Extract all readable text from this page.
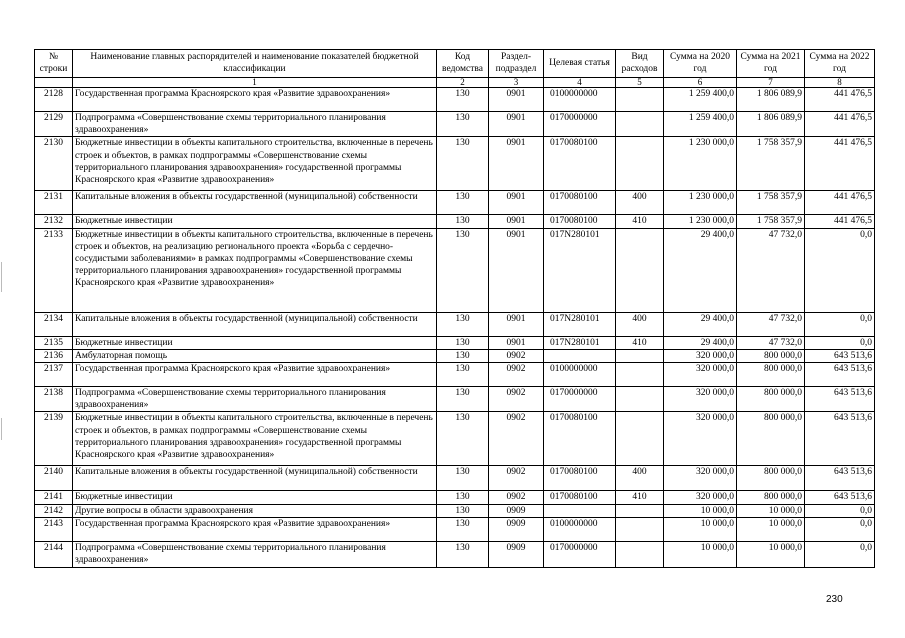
№ строки	Наименование главных распорядителей и наименование показателей бюджетной классификации	Код ведомства	Раздел-подраздел	Целевая статья	Вид расходов	Сумма на 2020 год	Сумма на 2021 год	Сумма на 2022 год
	1	2	3	4	5	6	7	8
2128	Государственная программа Красноярского края «Развитие здравоохранения»	130	0901	0100000000		1 259 400,0	1 806 089,9	441 476,5
2129	Подпрограмма «Совершенствование схемы территориального планирования здравоохранения»	130	0901	0170000000		1 259 400,0	1 806 089,9	441 476,5
2130	Бюджетные инвестиции в объекты капитального строительства, включенные в перечень строек и объектов, в рамках подпрограммы «Совершенствование схемы территориального планирования здравоохранения» государственной программы Красноярского края «Развитие здравоохранения»	130	0901	0170080100		1 230 000,0	1 758 357,9	441 476,5
2131	Капитальные вложения в объекты государственной (муниципальной) собственности	130	0901	0170080100	400	1 230 000,0	1 758 357,9	441 476,5
2132	Бюджетные инвестиции	130	0901	0170080100	410	1 230 000,0	1 758 357,9	441 476,5
2133	Бюджетные инвестиции в объекты капитального строительства, включенные в перечень строек и объектов, на реализацию регионального проекта «Борьба с сердечно-сосудистыми заболеваниями» в рамках подпрограммы «Совершенствование схемы территориального планирования здравоохранения» государственной программы Красноярского края «Развитие здравоохранения»	130	0901	017N280101		29 400,0	47 732,0	0,0
2134	Капитальные вложения в объекты государственной (муниципальной) собственности	130	0901	017N280101	400	29 400,0	47 732,0	0,0
2135	Бюджетные инвестиции	130	0901	017N280101	410	29 400,0	47 732,0	0,0
2136	Амбулаторная помощь	130	0902			320 000,0	800 000,0	643 513,6
2137	Государственная программа Красноярского края «Развитие здравоохранения»	130	0902	0100000000		320 000,0	800 000,0	643 513,6
2138	Подпрограмма «Совершенствование схемы территориального планирования здравоохранения»	130	0902	0170000000		320 000,0	800 000,0	643 513,6
2139	Бюджетные инвестиции в объекты капитального строительства, включенные в перечень строек и объектов, в рамках подпрограммы «Совершенствование схемы территориального планирования здравоохранения» государственной программы Красноярского края «Развитие здравоохранения»	130	0902	0170080100		320 000,0	800 000,0	643 513,6
2140	Капитальные вложения в объекты государственной (муниципальной) собственности	130	0902	0170080100	400	320 000,0	800 000,0	643 513,6
2141	Бюджетные инвестиции	130	0902	0170080100	410	320 000,0	800 000,0	643 513,6
2142	Другие вопросы в области здравоохранения	130	0909			10 000,0	10 000,0	0,0
2143	Государственная программа Красноярского края «Развитие здравоохранения»	130	0909	0100000000		10 000,0	10 000,0	0,0
2144	Подпрограмма «Совершенствование схемы территориального планирования здравоохранения»	130	0909	0170000000		10 000,0	10 000,0	0,0
230
